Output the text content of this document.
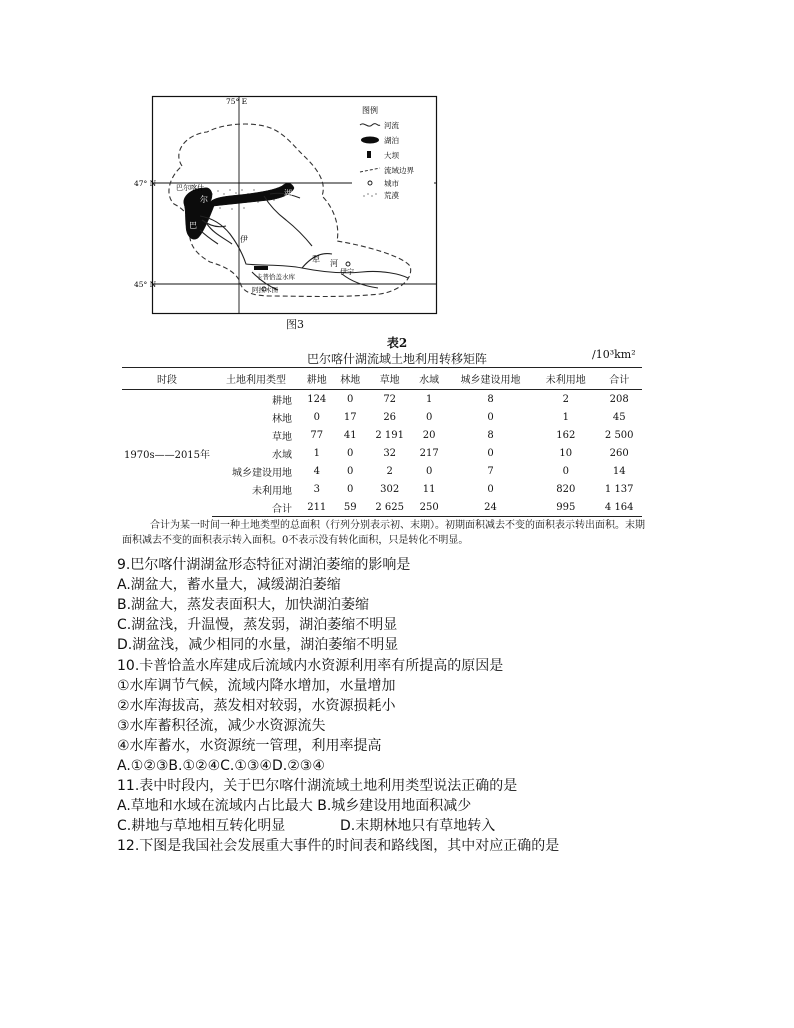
图例
河流
湖泊
大坝
流域边界
城市
荒漠
75° E
47° N
45° N
巴尔喀什
尔
巴
湖
伊
犁 河
伊宁
卡普恰盖水库
阿拉木图
图3
表2
巴尔喀什湖流域土地利用转移矩阵	/10³km²
时段	土地利用类型	耕地	林地	草地	水域	城乡建设用地	未利用地	合计
1970s——2015年	耕地	124	0	72	1	8	2	208
	林地	0	17	26	0	0	1	45
	草地	77	41	2 191	20	8	162	2 500
	水域	1	0	32	217	0	10	260
	城乡建设用地	4	0	2	0	7	0	14
	未利用地	3	0	302	11	0	820	1 137
	合计	211	59	2 625	250	24	995	4 164
合计为某一时间一种土地类型的总面积（行列分别表示初、末期）。初期面积减去不变的面积表示转出面积。末期面积减去不变的面积表示转入面积。0不表示没有转化面积，只是转化不明显。
9.巴尔喀什湖湖盆形态特征对湖泊萎缩的影响是
A.湖盆大，蓄水量大，减缓湖泊萎缩
B.湖盆大，蒸发表面积大，加快湖泊萎缩
C.湖盆浅，升温慢，蒸发弱，湖泊萎缩不明显
D.湖盆浅，减少相同的水量，湖泊萎缩不明显
10.卡普恰盖水库建成后流域内水资源利用率有所提高的原因是
①水库调节气候，流域内降水增加，水量增加
②水库海拔高，蒸发相对较弱，水资源损耗小
③水库蓄积径流，减少水资源流失
④水库蓄水，水资源统一管理，利用率提高
A.①②③B.①②④C.①③④D.②③④
11.表中时段内，关于巴尔喀什湖流域土地利用类型说法正确的是
A.草地和水域在流域内占比最大 B.城乡建设用地面积减少
C.耕地与草地相互转化明显	D.末期林地只有草地转入
12.下图是我国社会发展重大事件的时间表和路线图，其中对应正确的是
